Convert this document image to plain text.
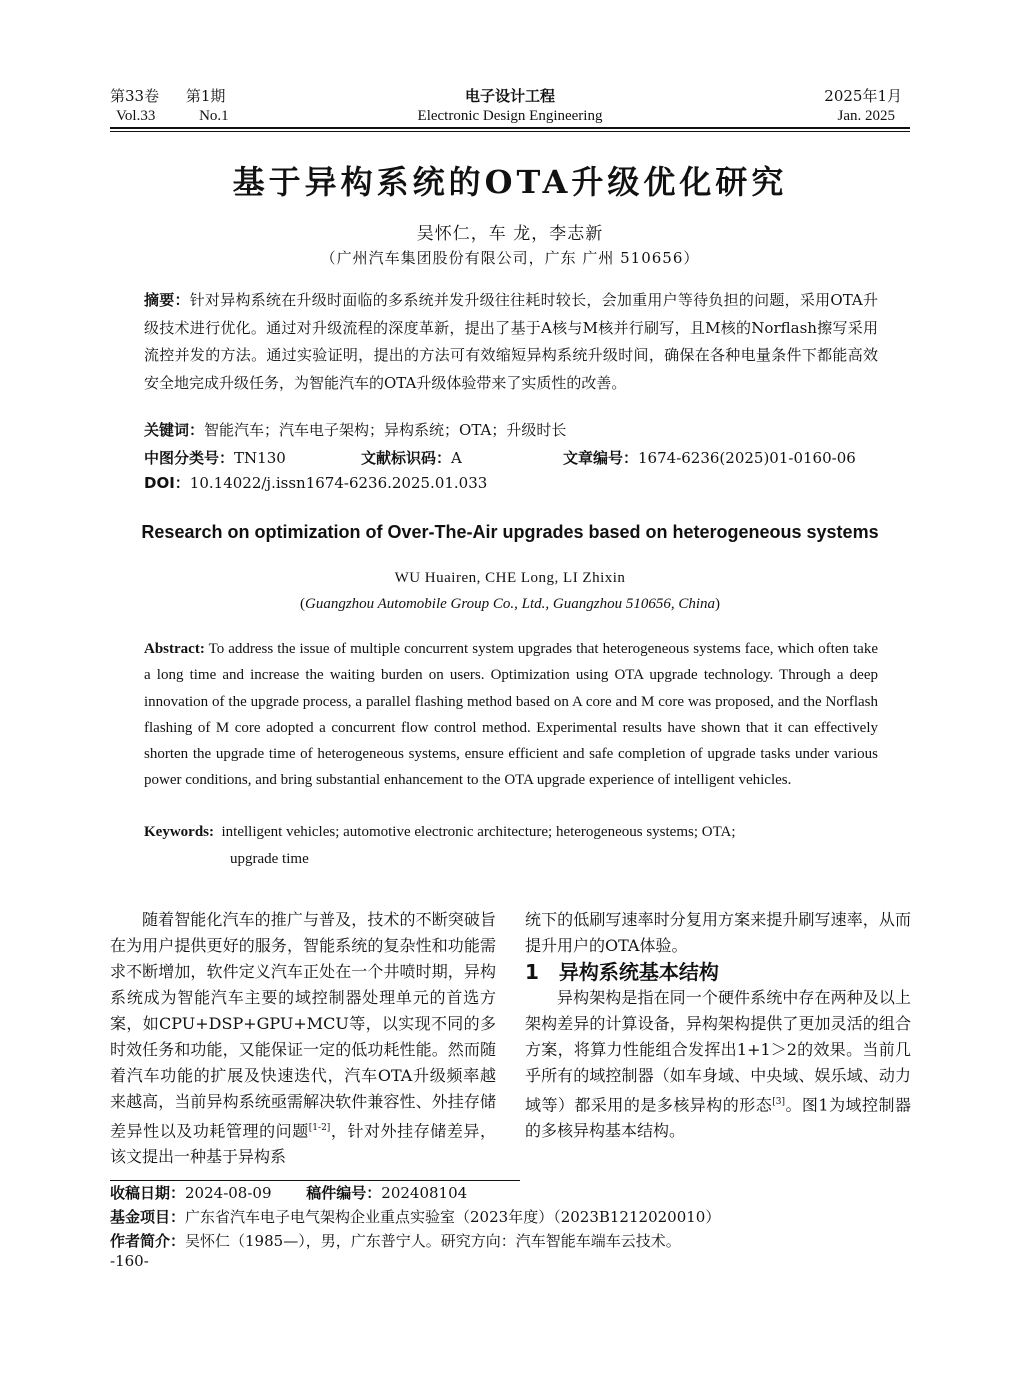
第33卷 第1期
Vol.33	No.1
电子设计工程
Electronic Design Engineering
2025年1月
Jan. 2025
基于异构系统的OTA升级优化研究
吴怀仁，车 龙，李志新
（广州汽车集团股份有限公司，广东 广州 510656）

摘要：针对异构系统在升级时面临的多系统并发升级往往耗时较长，会加重用户等待负担的问题，采用OTA升级技术进行优化。通过对升级流程的深度革新，提出了基于A核与M核并行刷写，且M核的Norflash擦写采用流控并发的方法。通过实验证明，提出的方法可有效缩短异构系统升级时间，确保在各种电量条件下都能高效安全地完成升级任务，为智能汽车的OTA升级体验带来了实质性的改善。

关键词：智能汽车；汽车电子架构；异构系统；OTA；升级时长

中图分类号：TN130	文献标识码：A	文章编号：1674-6236(2025)01-0160-06
DOI：10.14022/j.issn1674-6236.2025.01.033
Research on optimization of Over-The-Air upgrades based on heterogeneous systems
WU Huairen, CHE Long, LI Zhixin
(Guangzhou Automobile Group Co., Ltd., Guangzhou 510656, China)
Abstract: To address the issue of multiple concurrent system upgrades that heterogeneous systems face, which often take a long time and increase the waiting burden on users. Optimization using OTA upgrade technology. Through a deep innovation of the upgrade process, a parallel flashing method based on A core and M core was proposed, and the Norflash flashing of M core adopted a concurrent flow control method. Experimental results have shown that it can effectively shorten the upgrade time of heterogeneous systems, ensure efficient and safe completion of upgrade tasks under various power conditions, and bring substantial enhancement to the OTA upgrade experience of intelligent vehicles.
Keywords: intelligent vehicles; automotive electronic architecture; heterogeneous systems; OTA;
upgrade time

随着智能化汽车的推广与普及，技术的不断突破旨在为用户提供更好的服务，智能系统的复杂性和功能需求不断增加，软件定义汽车正处在一个井喷时期，异构系统成为智能汽车主要的域控制器处理单元的首选方案，如CPU+DSP+GPU+MCU等，以实现不同的多时效任务和功能，又能保证一定的低功耗性能。然而随着汽车功能的扩展及快速迭代，汽车OTA升级频率越来越高，当前异构系统亟需解决软件兼容性、外挂存储差异性以及功耗管理的问题[1-2]，针对外挂存储差异，该文提出一种基于异构系

统下的低刷写速率时分复用方案来提升刷写速率，从而提升用户的OTA体验。

1　异构系统基本结构

异构架构是指在同一个硬件系统中存在两种及以上架构差异的计算设备，异构架构提供了更加灵活的组合方案，将算力性能组合发挥出1+1＞2的效果。当前几乎所有的域控制器（如车身域、中央域、娱乐域、动力域等）都采用的是多核异构的形态[3]。图1为域控制器的多核异构基本结构。

收稿日期：2024-08-09 稿件编号：202408104
基金项目：广东省汽车电子电气架构企业重点实验室（2023年度）（2023B1212020010）
作者简介：吴怀仁（1985—），男，广东普宁人。研究方向：汽车智能车端车云技术。
-160-
